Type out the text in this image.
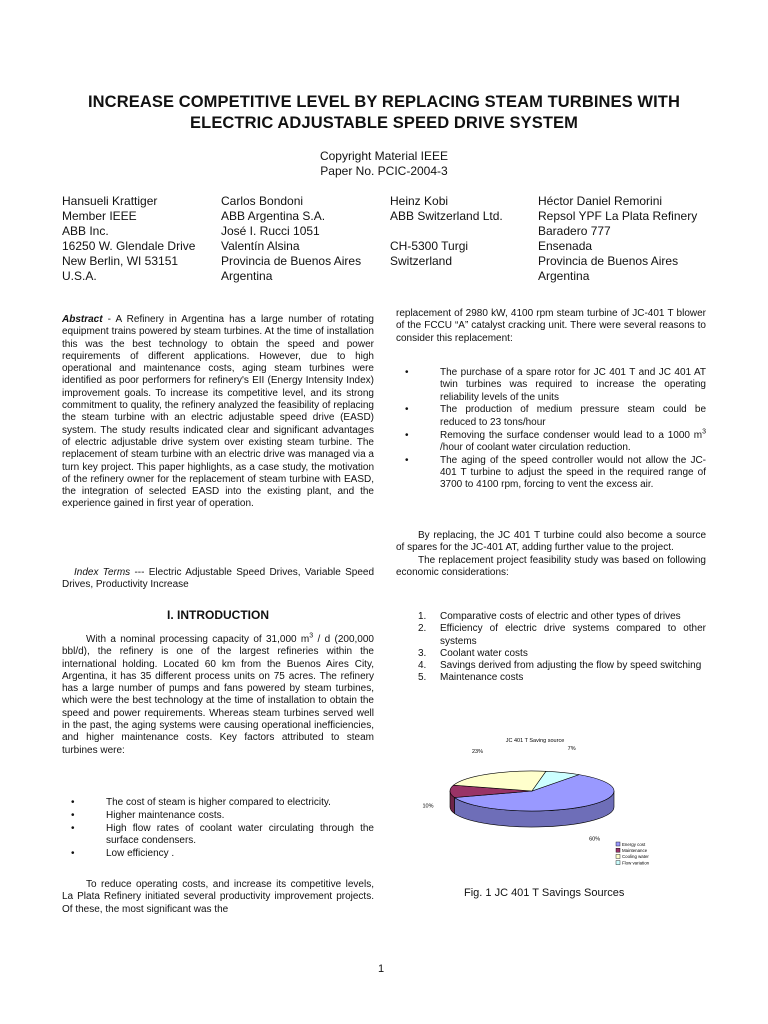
INCREASE COMPETITIVE LEVEL BY REPLACING STEAM TURBINES WITH
ELECTRIC ADJUSTABLE SPEED DRIVE SYSTEM
Copyright Material IEEE
Paper No. PCIC-2004-3
Hansueli Krattiger
Member IEEE
ABB Inc.
16250 W. Glendale Drive
New Berlin, WI 53151
U.S.A.
Carlos Bondoni
ABB Argentina S.A.
José I. Rucci 1051
Valentín Alsina
Provincia de Buenos Aires
Argentina
Heinz Kobi
ABB Switzerland Ltd.
CH-5300 Turgi
Switzerland
Héctor Daniel Remorini
Repsol YPF La Plata Refinery
Baradero 777
Ensenada
Provincia de Buenos Aires
Argentina

Abstract - A Refinery in Argentina has a large number of rotating equipment trains powered by steam turbines. At the time of installation this was the best technology to obtain the speed and power requirements of different applications. However, due to high operational and maintenance costs, aging steam turbines were identified as poor performers for refinery's EII (Energy Intensity Index) improvement goals. To increase its competitive level, and its strong commitment to quality, the refinery analyzed the feasibility of replacing the steam turbine with an electric adjustable speed drive (EASD) system. The study results indicated clear and significant advantages of electric adjustable drive system over existing steam turbine. The replacement of steam turbine with an electric drive was managed via a turn key project. This paper highlights, as a case study, the motivation of the refinery owner for the replacement of steam turbine with EASD, the integration of selected EASD into the existing plant, and the experience gained in first year of operation.

Index Terms --- Electric Adjustable Speed Drives, Variable Speed Drives, Productivity Increase

I. INTRODUCTION

With a nominal processing capacity of 31,000 $m^3$ / d (200,000 bbl/d), the refinery is one of the largest refineries within the international holding. Located 60 km from the Buenos Aires City, Argentina, it has 35 different process units on 75 acres. The refinery has a large number of pumps and fans powered by steam turbines, which were the best technology at the time of installation to obtain the speed and power requirements. Whereas steam turbines served well in the past, the aging systems were causing operational inefficiencies, and higher maintenance costs. Key factors attributed to steam turbines were:

•	The cost of steam is higher compared to electricity.
•	Higher maintenance costs.
•	High flow rates of coolant water circulating through the surface condensers.
•	Low efficiency .

To reduce operating costs, and increase its competitive levels, La Plata Refinery initiated several productivity improvement projects. Of these, the most significant was the

replacement of 2980 kW, 4100 rpm steam turbine of JC-401 T blower of the FCCU “A” catalyst cracking unit. There were several reasons to consider this replacement:

•	The purchase of a spare rotor for JC 401 T and JC 401 AT twin turbines was required to increase the operating reliability levels of the units
•	The production of medium pressure steam could be reduced to 23 tons/hour
•	Removing the surface condenser would lead to a 1000 $m^3$ /hour of coolant water circulation reduction.
•	The aging of the speed controller would not allow the JC-401 T turbine to adjust the speed in the required range of 3700 to 4100 rpm, forcing to vent the excess air.

By replacing, the JC 401 T turbine could also become a source of spares for the JC-401 AT, adding further value to the project.

The replacement project feasibility study was based on following economic considerations:

1. Comparative costs of electric and other types of drives
2. Efficiency of electric drive systems compared to other systems
3. Coolant water costs
4. Savings derived from adjusting the flow by speed switching
5. Maintenance costs
JC 401 T Saving source
60%
10%
23%
7%
Energy cost
Maintenance
Cooling water
Flow variation
Fig. 1 JC 401 T Savings Sources
1
